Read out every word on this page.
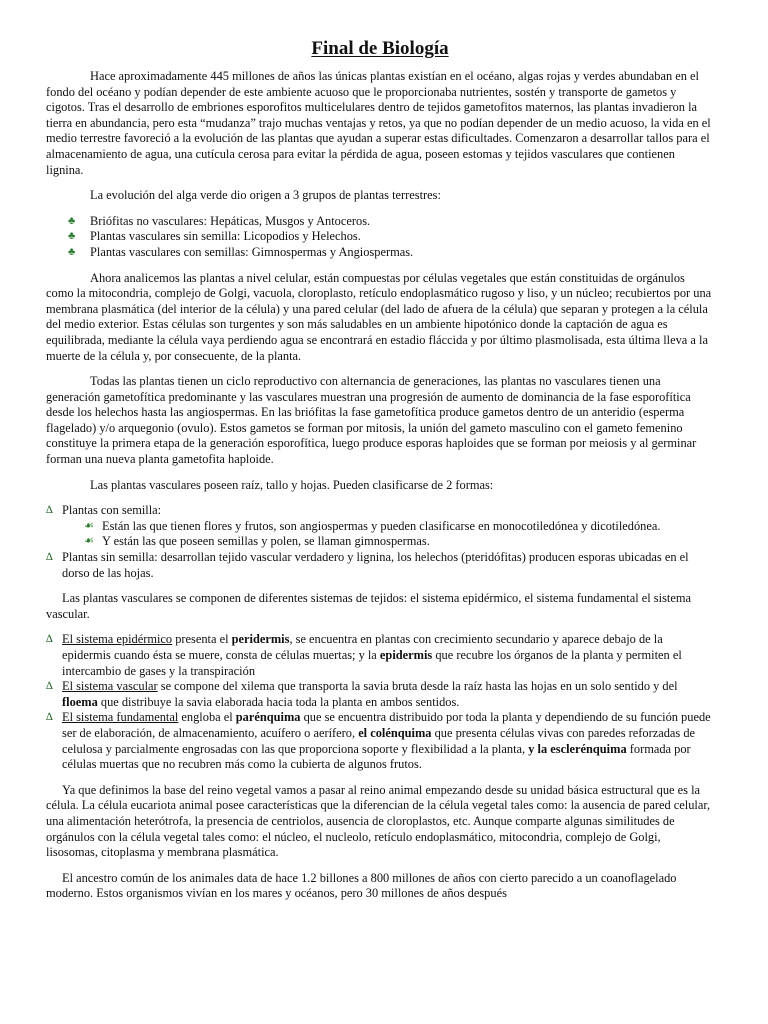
Final de Biología

Hace aproximadamente 445 millones de años las únicas plantas existían en el océano, algas rojas y verdes abundaban en el fondo del océano y podían depender de este ambiente acuoso que le proporcionaba nutrientes, sostén y transporte de gametos y cigotos. Tras el desarrollo de embriones esporofitos multicelulares dentro de tejidos gametofitos maternos, las plantas invadieron la tierra en abundancia, pero esta “mudanza” trajo muchas ventajas y retos, ya que no podían depender de un medio acuoso, la vida en el medio terrestre favoreció a la evolución de las plantas que ayudan a superar estas dificultades. Comenzaron a desarrollar tallos para el almacenamiento de agua, una cutícula cerosa para evitar la pérdida de agua, poseen estomas y tejidos vasculares que contienen lignina.

La evolución del alga verde dio origen a 3 grupos de plantas terrestres:

♣ Briófitas no vasculares: Hepáticas, Musgos y Antoceros.
♣ Plantas vasculares sin semilla: Licopodios y Helechos.
♣ Plantas vasculares con semillas: Gimnospermas y Angiospermas.

Ahora analicemos las plantas a nivel celular, están compuestas por células vegetales que están constituidas de orgánulos como la mitocondria, complejo de Golgi, vacuola, cloroplasto, retículo endoplasmático rugoso y liso, y un núcleo; recubiertos por una membrana plasmática (del interior de la célula) y una pared celular (del lado de afuera de la célula) que separan y protegen a la célula del medio exterior. Estas células son turgentes y son más saludables en un ambiente hipotónico donde la captación de agua es equilibrada, mediante la célula vaya perdiendo agua se encontrará en estadio fláccida y por último plasmolisada, esta última lleva a la muerte de la célula y, por consecuente, de la planta.

Todas las plantas tienen un ciclo reproductivo con alternancia de generaciones, las plantas no vasculares tienen una generación gametofítica predominante y las vasculares muestran una progresión de aumento de dominancia de la fase esporofítica desde los helechos hasta las angiospermas. En las briófitas la fase gametofítica produce gametos dentro de un anteridio (esperma flagelado) y/o arquegonio (ovulo). Estos gametos se forman por mitosis, la unión del gameto masculino con el gameto femenino constituye la primera etapa de la generación esporofítica, luego produce esporas haploides que se forman por meiosis y al germinar forman una nueva planta gametofita haploide.

Las plantas vasculares poseen raíz, tallo y hojas. Pueden clasificarse de 2 formas:

∆ Plantas con semilla:
☙ Están las que tienen flores y frutos, son angiospermas y pueden clasificarse en monocotiledónea y dicotiledónea.
☙ Y están las que poseen semillas y polen, se llaman gimnospermas.
∆ Plantas sin semilla: desarrollan tejido vascular verdadero y lignina, los helechos (pteridófitas) producen esporas ubicadas en el dorso de las hojas.

Las plantas vasculares se componen de diferentes sistemas de tejidos: el sistema epidérmico, el sistema fundamental el sistema vascular.

∆ El sistema epidérmico presenta el peridermis, se encuentra en plantas con crecimiento secundario y aparece debajo de la epidermis cuando ésta se muere, consta de células muertas; y la epidermis que recubre los órganos de la planta y permiten el intercambio de gases y la transpiración
∆ El sistema vascular se compone del xilema que transporta la savia bruta desde la raíz hasta las hojas en un solo sentido y del floema que distribuye la savia elaborada hacia toda la planta en ambos sentidos.
∆ El sistema fundamental engloba el parénquima que se encuentra distribuido por toda la planta y dependiendo de su función puede ser de elaboración, de almacenamiento, acuífero o aerífero, el colénquima que presenta células vivas con paredes reforzadas de celulosa y parcialmente engrosadas con las que proporciona soporte y flexibilidad a la planta, y la esclerénquima formada por células muertas que no recubren más como la cubierta de algunos frutos.

Ya que definimos la base del reino vegetal vamos a pasar al reino animal empezando desde su unidad básica estructural que es la célula. La célula eucariota animal posee características que la diferencian de la célula vegetal tales como: la ausencia de pared celular, una alimentación heterótrofa, la presencia de centriolos, ausencia de cloroplastos, etc. Aunque comparte algunas similitudes de orgánulos con la célula vegetal tales como: el núcleo, el nucleolo, retículo endoplasmático, mitocondria, complejo de Golgi, lisosomas, citoplasma y membrana plasmática.

El ancestro común de los animales data de hace 1.2 billones a 800 millones de años con cierto parecido a un coanoflagelado moderno. Estos organismos vivían en los mares y océanos, pero 30 millones de años después
